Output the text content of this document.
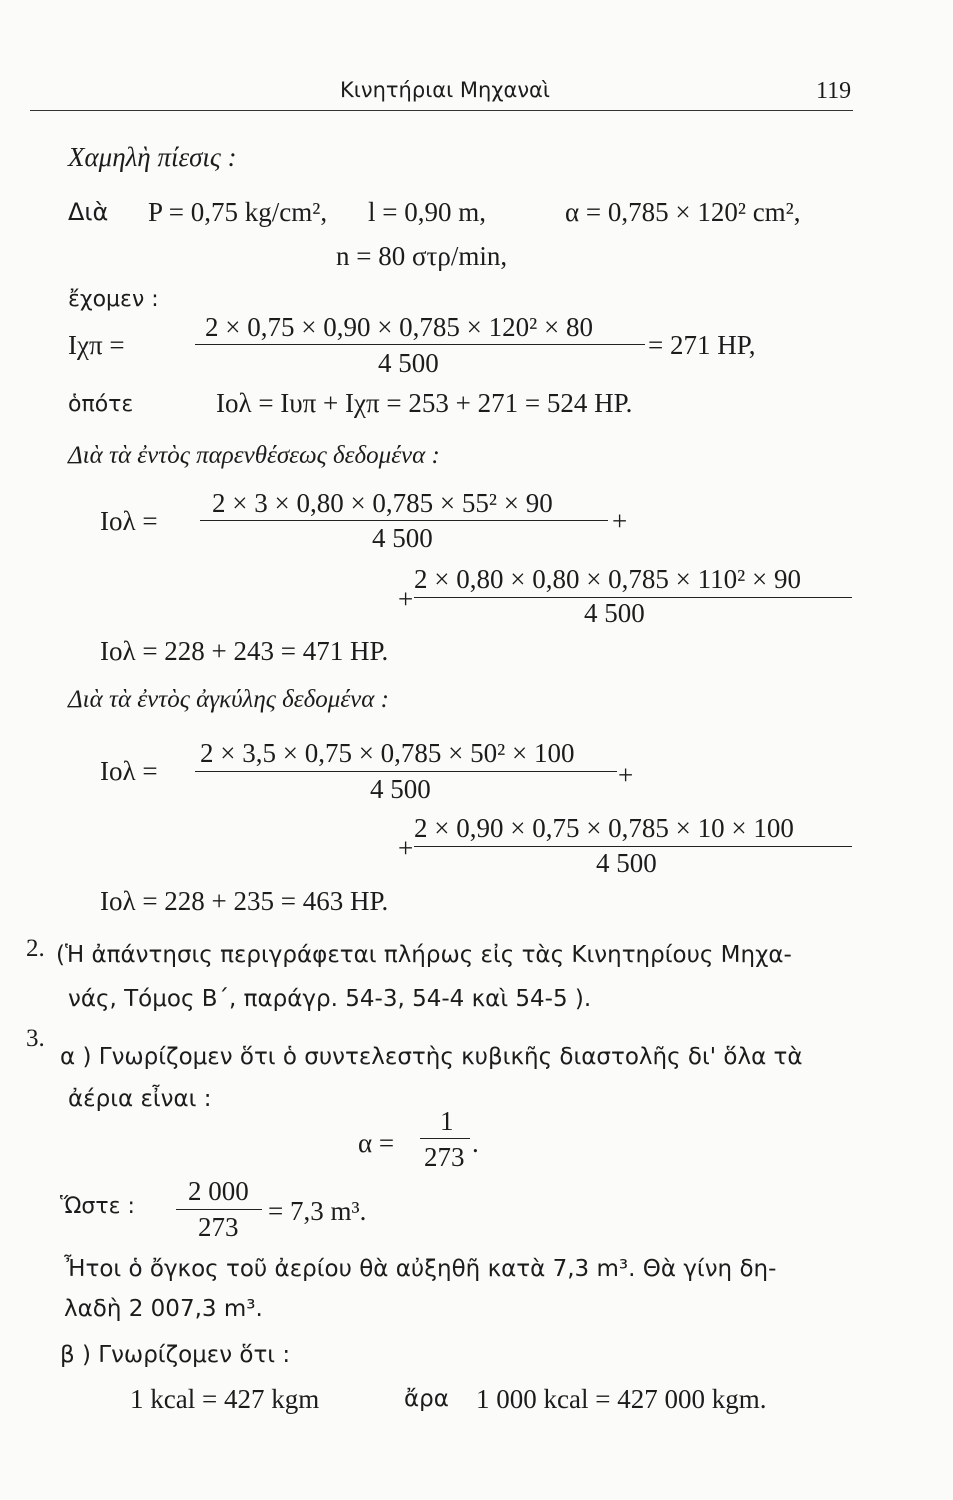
Κινητήριαι Μηχαναὶ	119
Χαμηλὴ πίεσις :
Διὰ P = 0,75 kg/cm², l = 0,90 m,	α = 0,785 × 120² cm²,
n = 80 στρ/min,
ἔχομεν :
Iχπ =
2 × 0,75 × 0,90 × 0,785 × 120² × 80
4 500
= 271 HP,
ὁπότε	Iολ = Iυπ + Iχπ = 253 + 271 = 524 HP.
Διὰ τὰ ἐντὸς παρενθέσεως δεδομένα :
Iολ =
2 × 3 × 0,80 × 0,785 × 55² × 90
4 500
+
+
2 × 0,80 × 0,80 × 0,785 × 110² × 90
4 500
Iολ = 228 + 243 = 471 HP.
Διὰ τὰ ἐντὸς ἀγκύλης δεδομένα :
Iολ =
2 × 3,5 × 0,75 × 0,785 × 50² × 100
4 500	+
+
2 × 0,90 × 0,75 × 0,785 × 10 × 100
4 500
Iολ = 228 + 235 = 463 HP.
2. (Ἡ ἀπάντησις περιγράφεται πλήρως εἰς τὰς Κινητηρίους Μηχα-
νάς, Τόμος Β΄, παράγρ. 54-3, 54-4 καὶ 54-5 ).
3.
α ) Γνωρίζομεν ὅτι ὁ συντελεστὴς κυβικῆς διαστολῆς δι' ὅλα τὰ
ἀέρια εἶναι :
α =
1
273 .
Ὥστε :
2 000
273
= 7,3 m³.
Ἦτοι ὁ ὄγκος τοῦ ἀερίου θὰ αὐξηθῆ κατὰ 7,3 m³. Θὰ γίνη δη-
λαδὴ 2 007,3 m³.
β ) Γνωρίζομεν ὅτι :
1 kcal = 427 kgm	ἄρα 1 000 kcal = 427 000 kgm.
